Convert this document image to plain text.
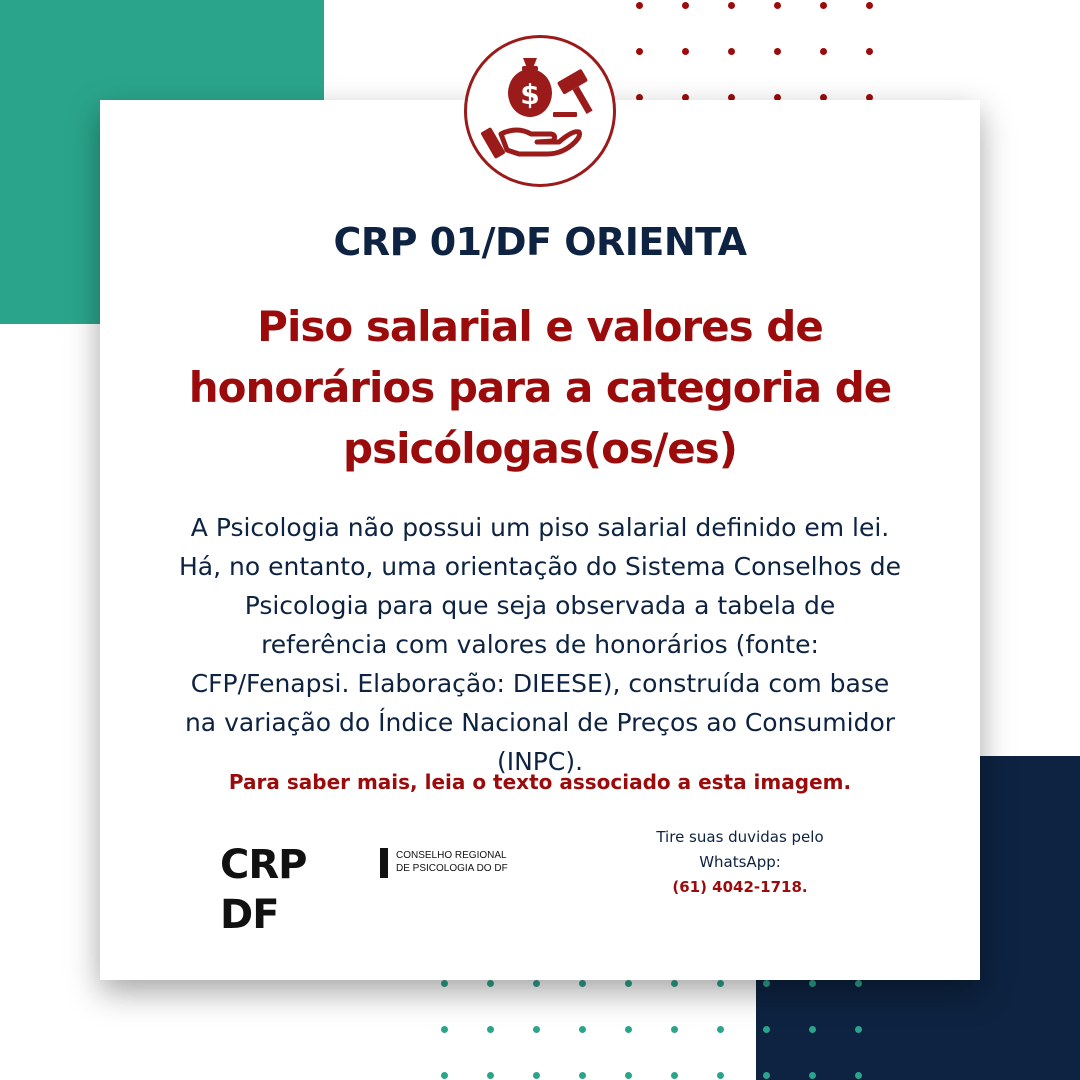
$
CRP 01/DF ORIENTA
Piso salarial e valores de
honorários para a categoria de
psicólogas(os/es)
A Psicologia não possui um piso salarial definido em lei.
Há, no entanto, uma orientação do Sistema Conselhos de
Psicologia para que seja observada a tabela de
referência com valores de honorários (fonte:
CFP/Fenapsi. Elaboração: DIEESE), construída com base
na variação do Índice Nacional de Preços ao Consumidor
(INPC).
Para saber mais, leia o texto associado a esta imagem.
CRP DF
CONSELHO REGIONAL
DE PSICOLOGIA DO DF
Tire suas duvidas pelo
WhatsApp:
(61) 4042-1718.
